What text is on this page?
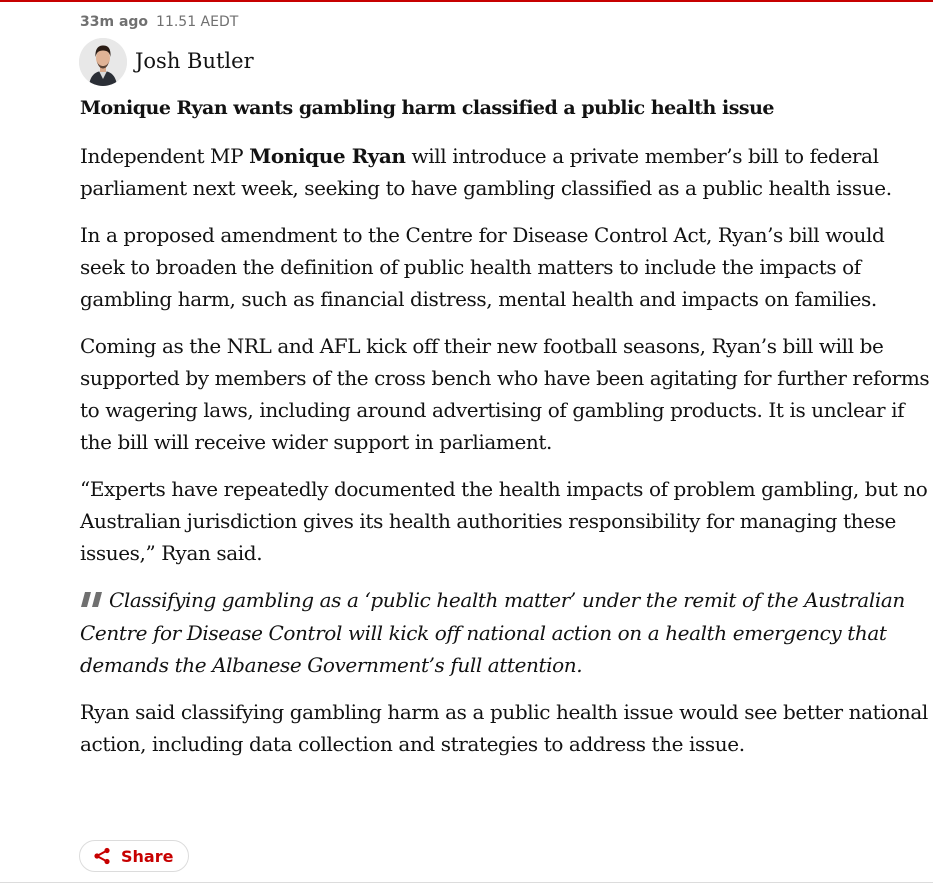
33m ago 11.51 AEDT
Josh Butler
Monique Ryan wants gambling harm classified a public health issue

Independent MP Monique Ryan will introduce a private member’s bill to federal parliament next week, seeking to have gambling classified as a public health issue.

In a proposed amendment to the Centre for Disease Control Act, Ryan’s bill would seek to broaden the definition of public health matters to include the impacts of gambling harm, such as financial distress, mental health and impacts on families.

Coming as the NRL and AFL kick off their new football seasons, Ryan’s bill will be supported by members of the cross bench who have been agitating for further reforms to wagering laws, including around advertising of gambling products. It is unclear if the bill will receive wider support in parliament.

“Experts have repeatedly documented the health impacts of problem gambling, but no Australian jurisdiction gives its health authorities responsibility for managing these issues,” Ryan said.

Classifying gambling as a ‘public health matter’ under the remit of the Australian Centre for Disease Control will kick off national action on a health emergency that demands the Albanese Government’s full attention.

Ryan said classifying gambling harm as a public health issue would see better national action, including data collection and strategies to address the issue.

Share
